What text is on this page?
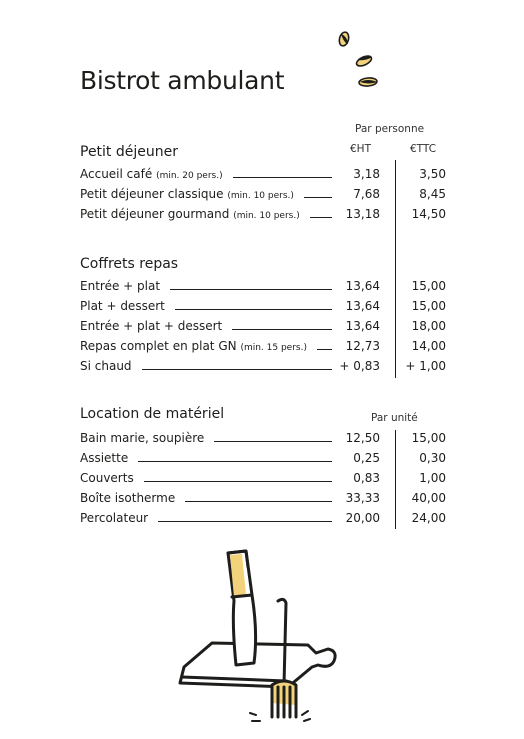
Bistrot ambulant
Par personne
€HT	€TTC
Par unité
Petit déjeuner
Accueil café (min. 20 pers.)	3,18	3,50
Petit déjeuner classique (min. 10 pers.)	7,68	8,45
Petit déjeuner gourmand (min. 10 pers.)	13,18	14,50
Coffrets repas
Entrée + plat	13,64	15,00
Plat + dessert	13,64	15,00
Entrée + plat + dessert	13,64	18,00
Repas complet en plat GN (min. 15 pers.)	12,73	14,00
Si chaud	+ 0,83	+ 1,00
Location de matériel
Bain marie, soupière	12,50	15,00
Assiette	0,25	0,30
Couverts	0,83	1,00
Boîte isotherme	33,33	40,00
Percolateur	20,00	24,00
